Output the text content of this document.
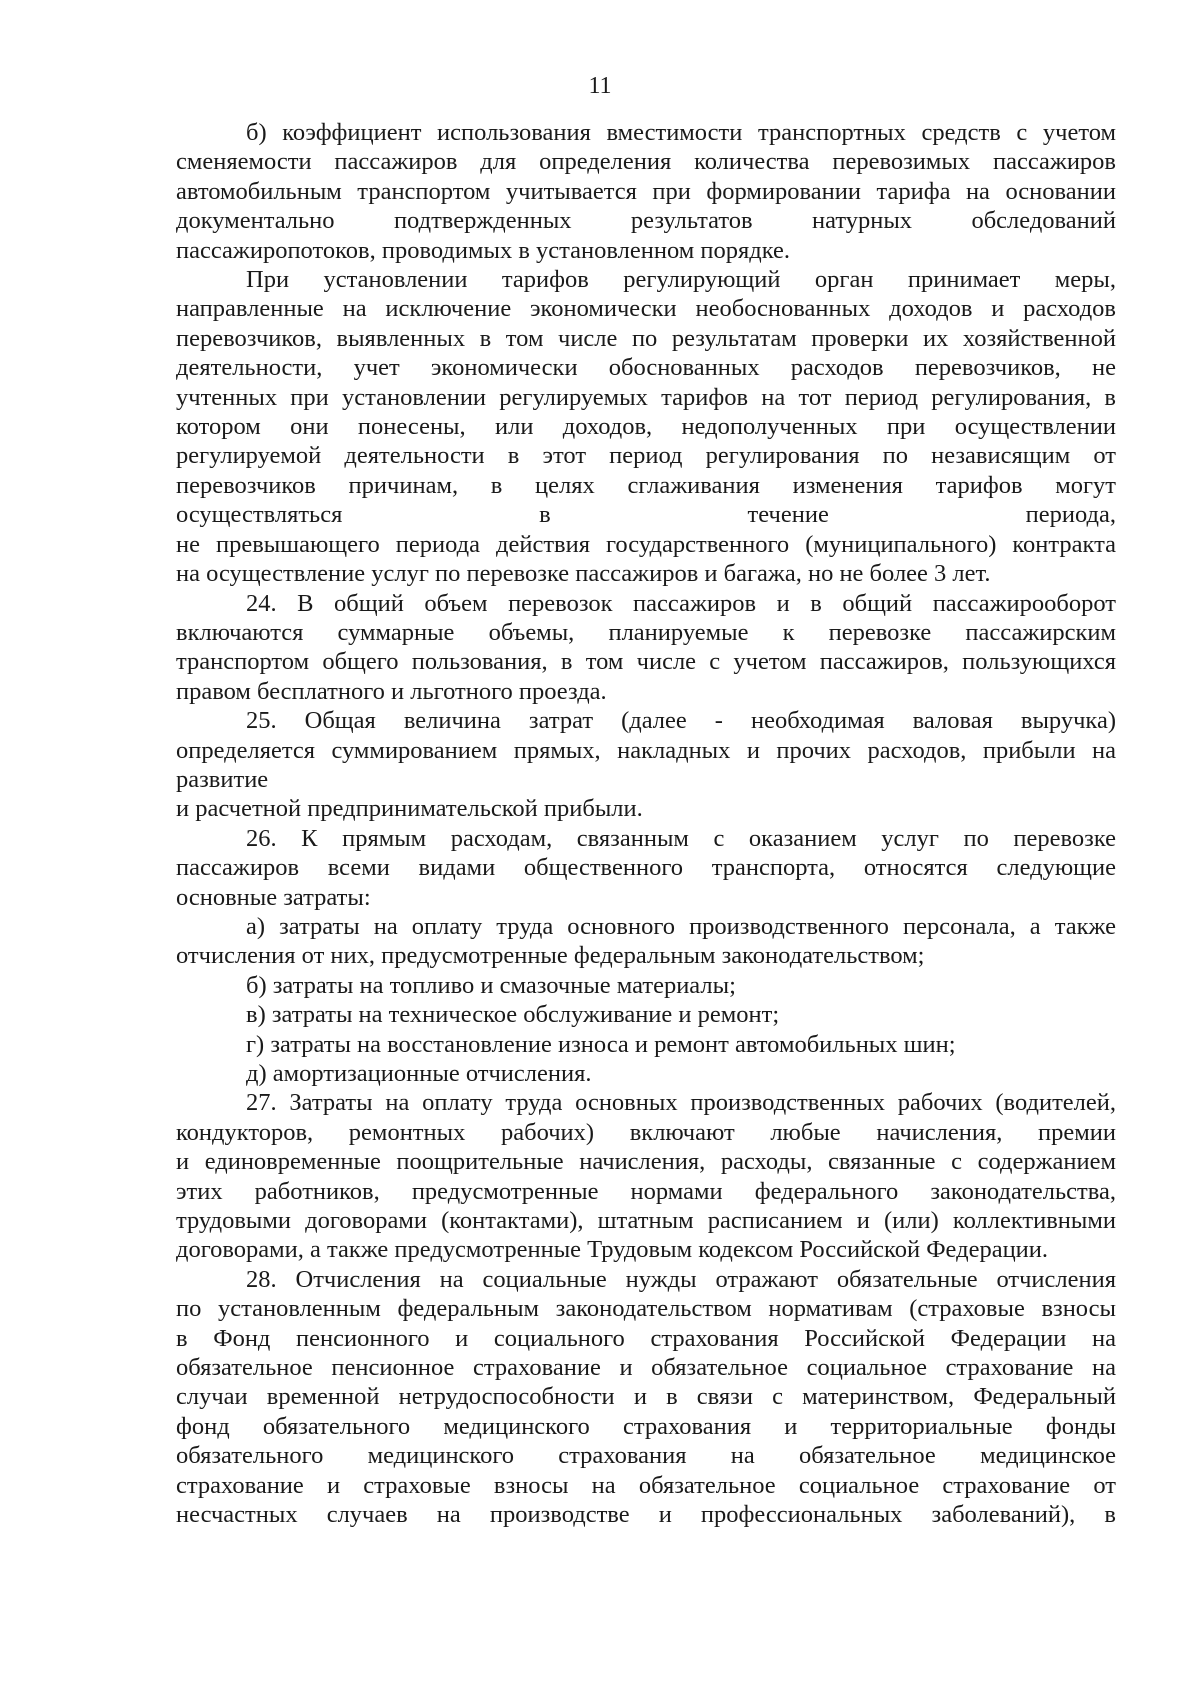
11
б) коэффициент использования вместимости транспортных средств с учетом
сменяемости пассажиров для определения количества перевозимых пассажиров
автомобильным транспортом учитывается при формировании тарифа на основании
документально подтвержденных результатов натурных обследований
пассажиропотоков, проводимых в установленном порядке.
При установлении тарифов регулирующий орган принимает меры,
направленные на исключение экономически необоснованных доходов и расходов
перевозчиков, выявленных в том числе по результатам проверки их хозяйственной
деятельности, учет экономически обоснованных расходов перевозчиков, не
учтенных при установлении регулируемых тарифов на тот период регулирования, в
котором они понесены, или доходов, недополученных при осуществлении
регулируемой деятельности в этот период регулирования по независящим от
перевозчиков причинам, в целях сглаживания изменения тарифов могут
осуществляться в течение периода,
не превышающего периода действия государственного (муниципального) контракта
на осуществление услуг по перевозке пассажиров и багажа, но не более 3 лет.
24. В общий объем перевозок пассажиров и в общий пассажирооборот
включаются суммарные объемы, планируемые к перевозке пассажирским
транспортом общего пользования, в том числе с учетом пассажиров, пользующихся
правом бесплатного и льготного проезда.
25. Общая величина затрат (далее - необходимая валовая выручка)
определяется суммированием прямых, накладных и прочих расходов, прибыли на
развитие
и расчетной предпринимательской прибыли.
26. К прямым расходам, связанным с оказанием услуг по перевозке
пассажиров всеми видами общественного транспорта, относятся следующие
основные затраты:
а) затраты на оплату труда основного производственного персонала, а также
отчисления от них, предусмотренные федеральным законодательством;
б) затраты на топливо и смазочные материалы;
в) затраты на техническое обслуживание и ремонт;
г) затраты на восстановление износа и ремонт автомобильных шин;
д) амортизационные отчисления.
27. Затраты на оплату труда основных производственных рабочих (водителей,
кондукторов, ремонтных рабочих) включают любые начисления, премии
и единовременные поощрительные начисления, расходы, связанные с содержанием
этих работников, предусмотренные нормами федерального законодательства,
трудовыми договорами (контактами), штатным расписанием и (или) коллективными
договорами, а также предусмотренные Трудовым кодексом Российской Федерации.
28. Отчисления на социальные нужды отражают обязательные отчисления
по установленным федеральным законодательством нормативам (страховые взносы
в Фонд пенсионного и социального страхования Российской Федерации на
обязательное пенсионное страхование и обязательное социальное страхование на
случаи временной нетрудоспособности и в связи с материнством, Федеральный
фонд обязательного медицинского страхования и территориальные фонды
обязательного медицинского страхования на обязательное медицинское
страхование и страховые взносы на обязательное социальное страхование от
несчастных случаев на производстве и профессиональных заболеваний), в
